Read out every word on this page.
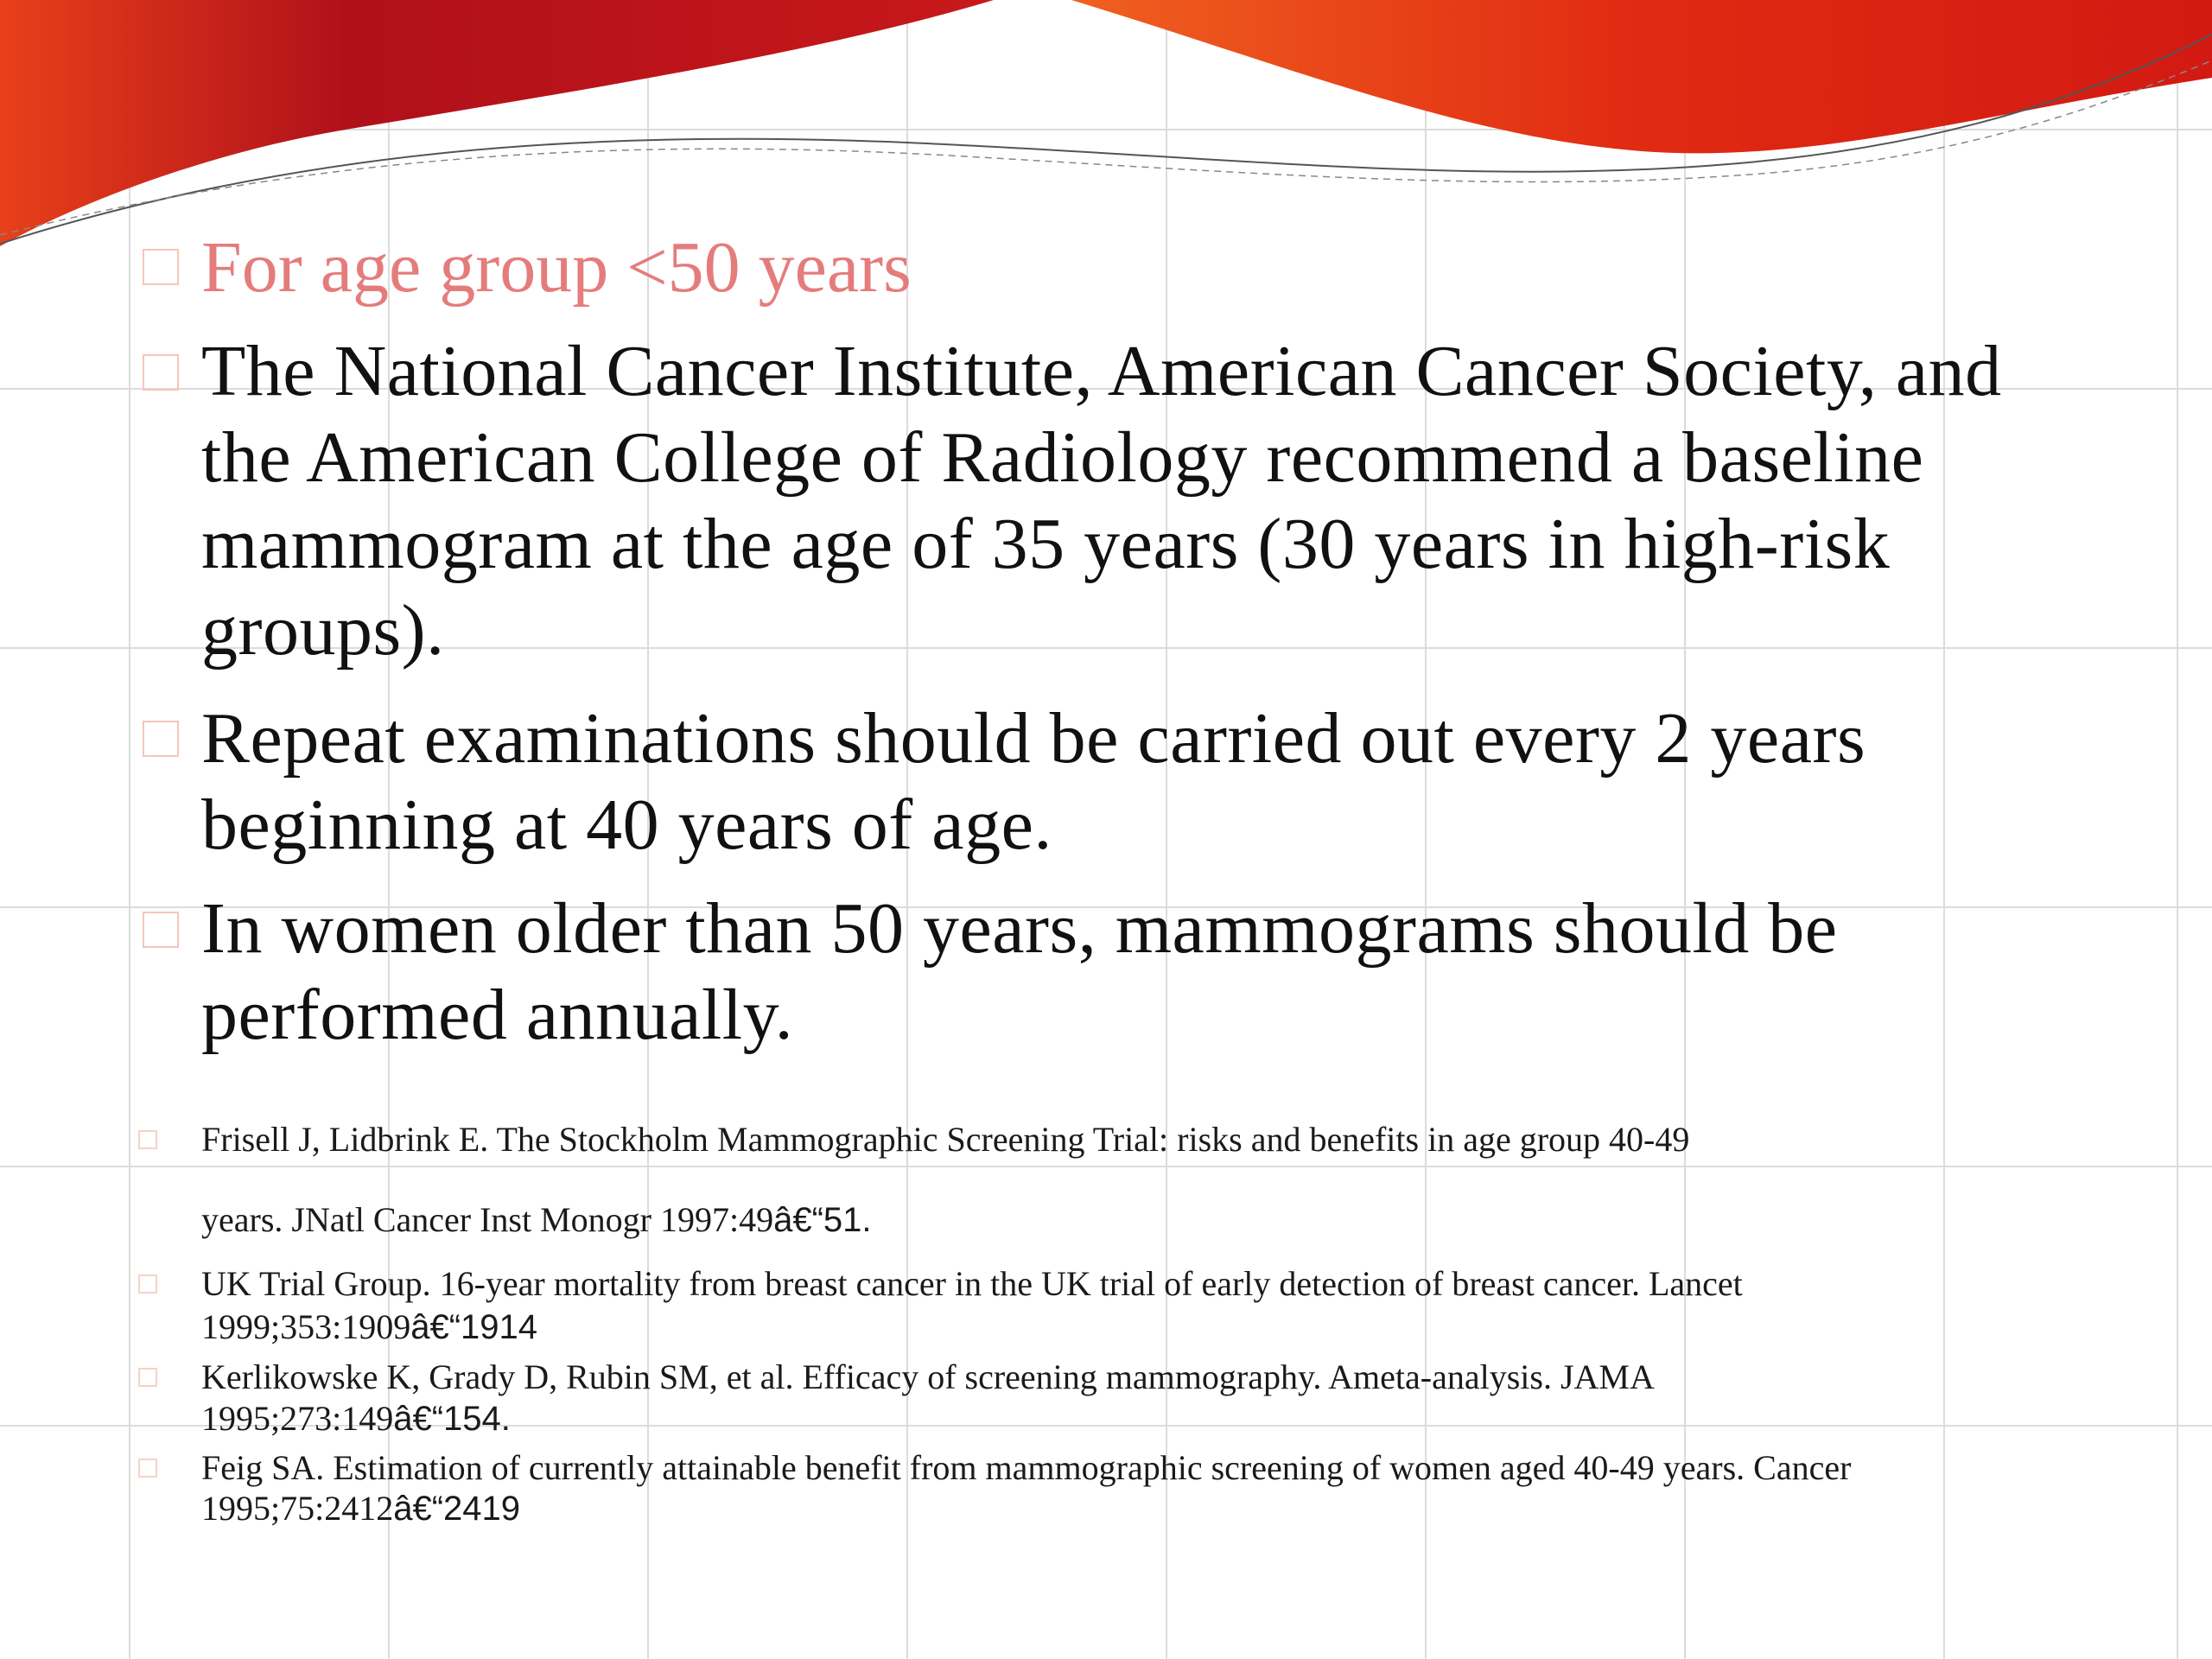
For age group <50 years
The National Cancer Institute, American Cancer Society, and the American College of Radiology recommend a baseline mammogram at the age of 35 years (30 years in high-risk groups).
Repeat examinations should be carried out every 2 years beginning at 40 years of age.
In women older than 50 years, mammograms should be performed annually.
Frisell J, Lidbrink E. The Stockholm Mammographic Screening Trial: risks and benefits in age group 40-49
years. JNatl Cancer Inst Monogr 1997:49â€“51.
UK Trial Group. 16-year mortality from breast cancer in the UK trial of early detection of breast cancer. Lancet
1999;353:1909â€“1914
Kerlikowske K, Grady D, Rubin SM, et al. Efficacy of screening mammography. Ameta-analysis. JAMA
1995;273:149â€“154.
Feig SA. Estimation of currently attainable benefit from mammographic screening of women aged 40-49 years. Cancer
1995;75:2412â€“2419
